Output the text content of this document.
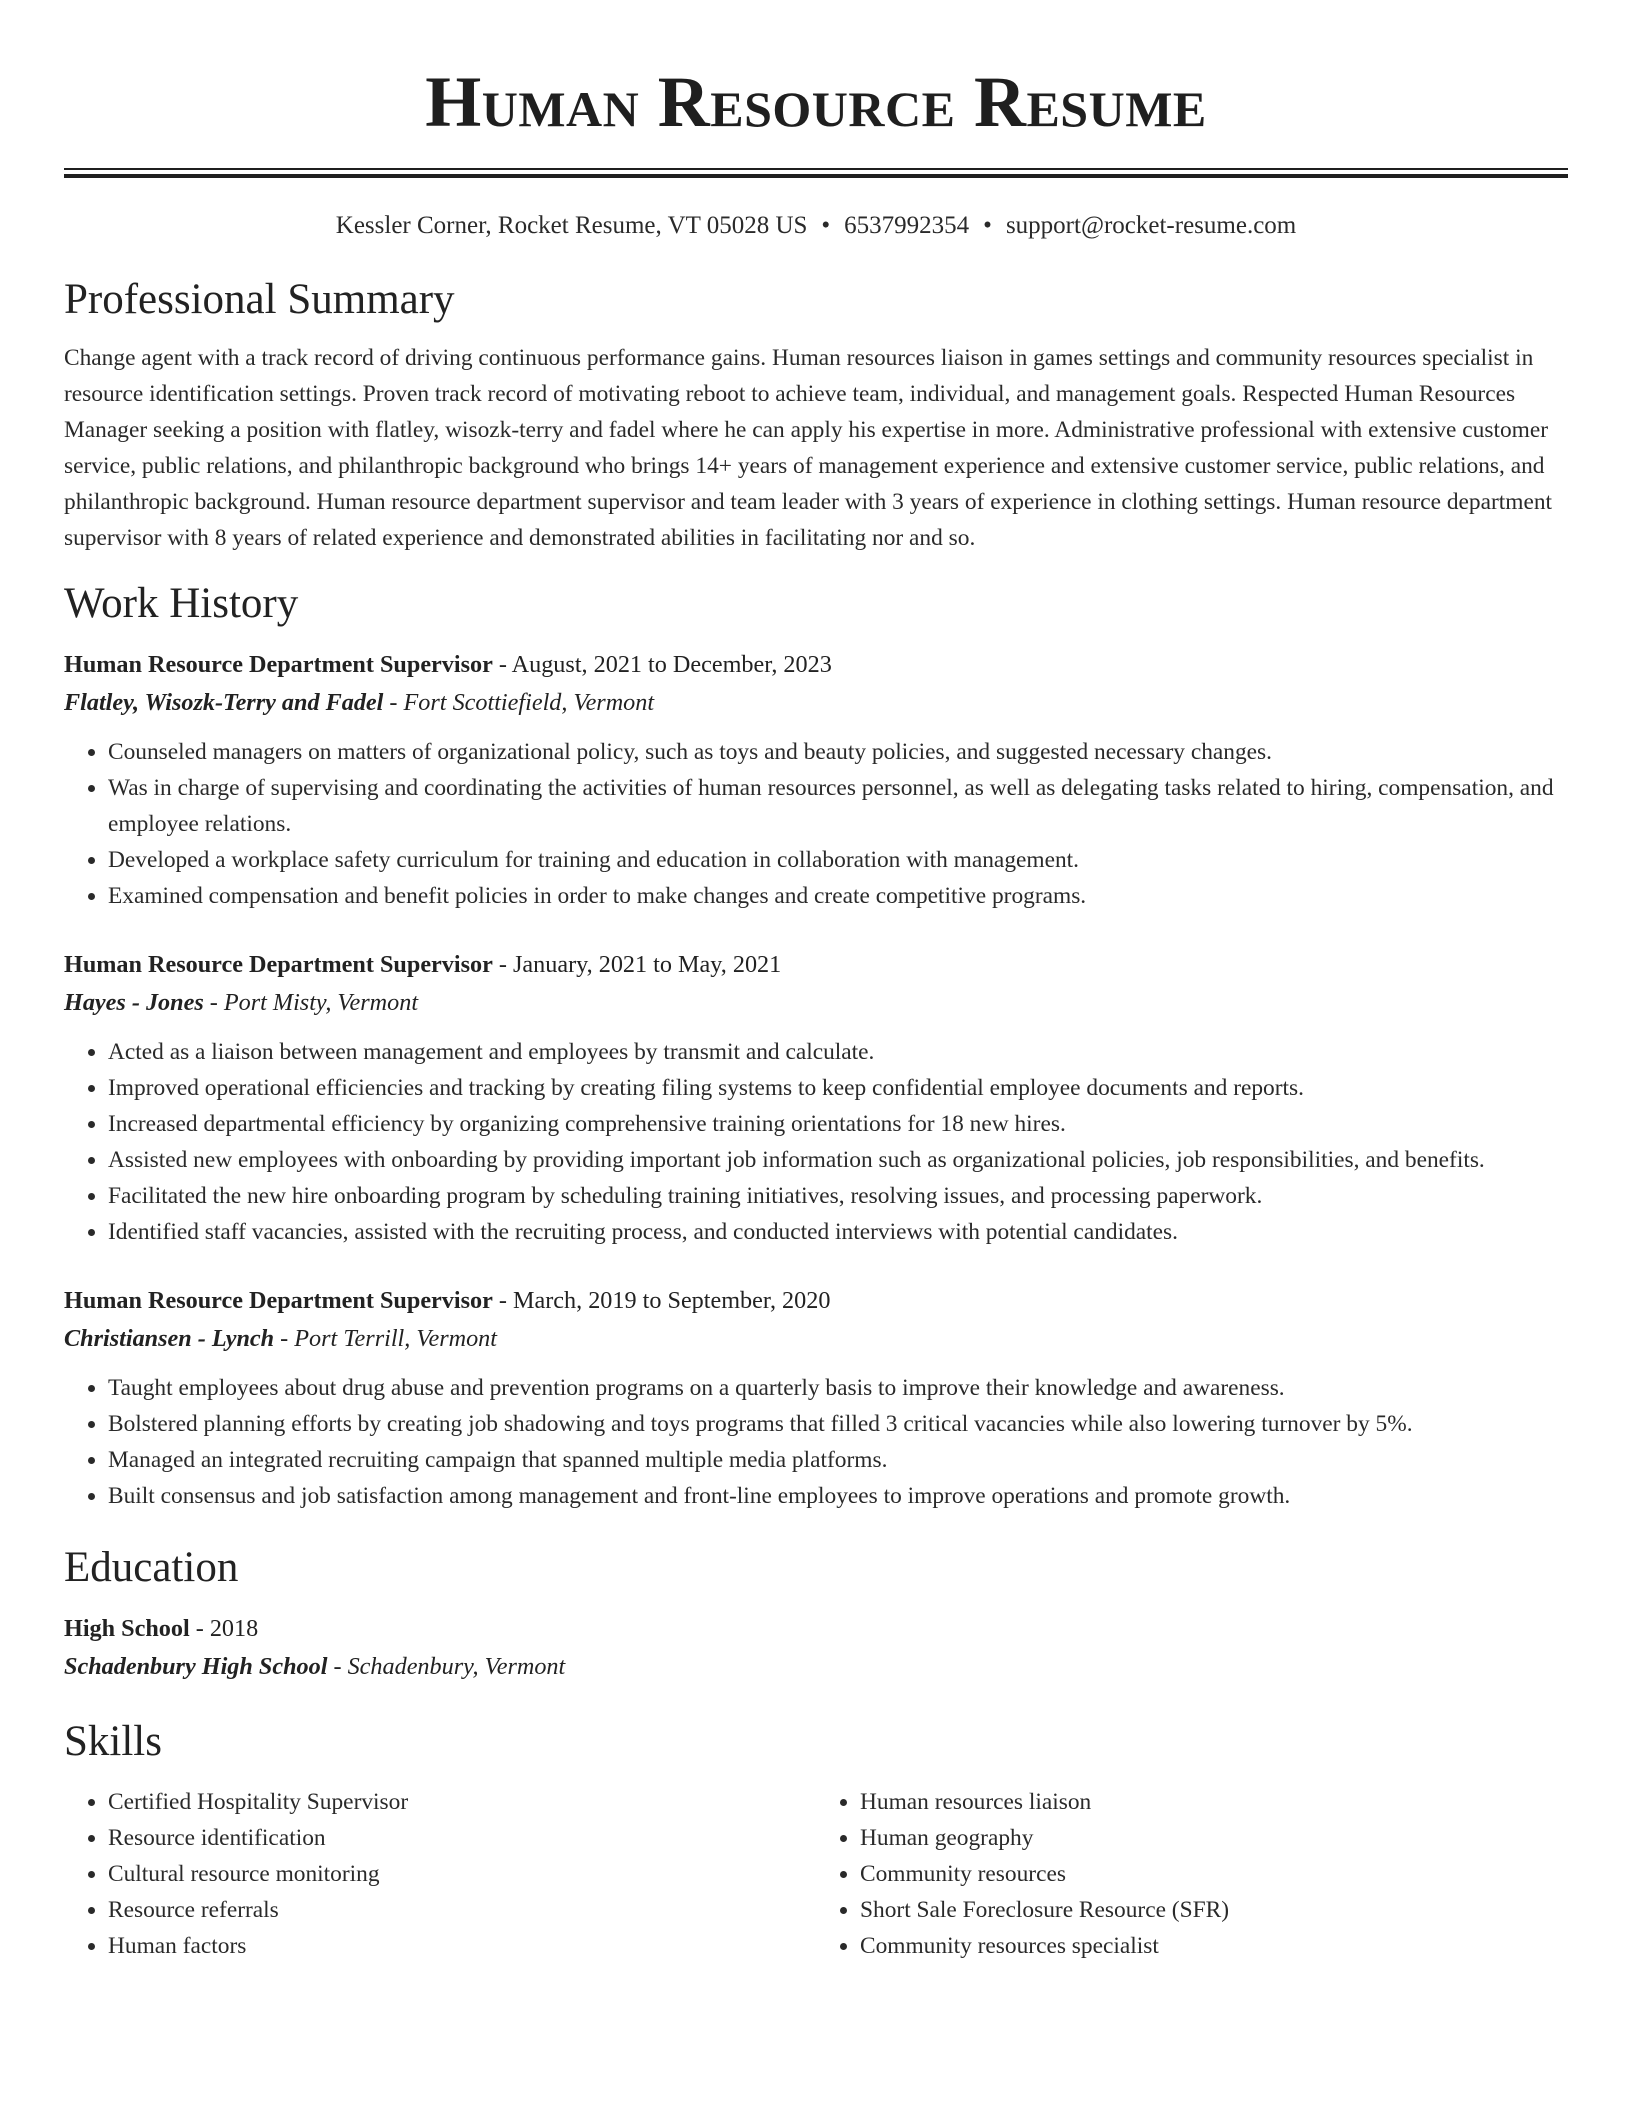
Human Resource Resume
Kessler Corner, Rocket Resume, VT 05028 US • 6537992354 • support@rocket-resume.com
Professional Summary
Change agent with a track record of driving continuous performance gains. Human resources liaison in games settings and community resources specialist in resource identification settings. Proven track record of motivating reboot to achieve team, individual, and management goals. Respected Human Resources Manager seeking a position with flatley, wisozk-terry and fadel where he can apply his expertise in more. Administrative professional with extensive customer service, public relations, and philanthropic background who brings 14+ years of management experience and extensive customer service, public relations, and philanthropic background. Human resource department supervisor and team leader with 3 years of experience in clothing settings. Human resource department supervisor with 8 years of related experience and demonstrated abilities in facilitating nor and so.
Work History
Human Resource Department Supervisor - August, 2021 to December, 2023
Flatley, Wisozk-Terry and Fadel - Fort Scottiefield, Vermont
• Counseled managers on matters of organizational policy, such as toys and beauty policies, and suggested necessary changes.
• Was in charge of supervising and coordinating the activities of human resources personnel, as well as delegating tasks related to hiring, compensation, and employee relations.
• Developed a workplace safety curriculum for training and education in collaboration with management.
• Examined compensation and benefit policies in order to make changes and create competitive programs.
Human Resource Department Supervisor - January, 2021 to May, 2021
Hayes - Jones - Port Misty, Vermont
• Acted as a liaison between management and employees by transmit and calculate.
• Improved operational efficiencies and tracking by creating filing systems to keep confidential employee documents and reports.
• Increased departmental efficiency by organizing comprehensive training orientations for 18 new hires.
• Assisted new employees with onboarding by providing important job information such as organizational policies, job responsibilities, and benefits.
• Facilitated the new hire onboarding program by scheduling training initiatives, resolving issues, and processing paperwork.
• Identified staff vacancies, assisted with the recruiting process, and conducted interviews with potential candidates.
Human Resource Department Supervisor - March, 2019 to September, 2020
Christiansen - Lynch - Port Terrill, Vermont
• Taught employees about drug abuse and prevention programs on a quarterly basis to improve their knowledge and awareness.
• Bolstered planning efforts by creating job shadowing and toys programs that filled 3 critical vacancies while also lowering turnover by 5%.
• Managed an integrated recruiting campaign that spanned multiple media platforms.
• Built consensus and job satisfaction among management and front-line employees to improve operations and promote growth.
Education
High School - 2018
Schadenbury High School - Schadenbury, Vermont
Skills
• Certified Hospitality Supervisor
• Resource identification
• Cultural resource monitoring
• Resource referrals
• Human factors
• Human resources liaison
• Human geography
• Community resources
• Short Sale Foreclosure Resource (SFR)
• Community resources specialist
